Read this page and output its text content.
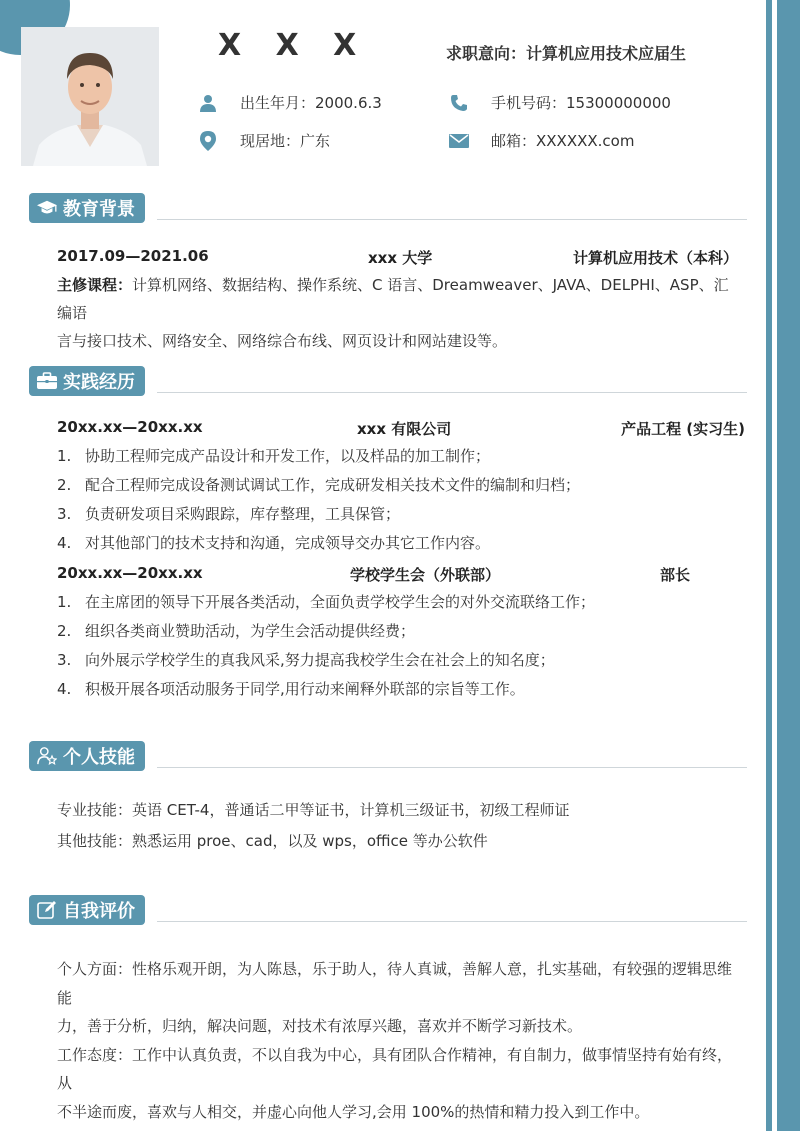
X X X	求职意向：计算机应用技术应届生
出生年月：2000.6.3	手机号码：15300000000
现居地：广东	邮箱：XXXXXX.com
教育背景
2017.09—2021.06	xxx 大学	计算机应用技术（本科）

主修课程：计算机网络、数据结构、操作系统、C 语言、Dreamweaver、JAVA、DELPHI、ASP、汇编语
言与接口技术、网络安全、网络综合布线、网页设计和网站建设等。

实践经历
20xx.xx—20xx.xx	xxx 有限公司	产品工程 (实习生)
1. 协助工程师完成产品设计和开发工作，以及样品的加工制作；
2. 配合工程师完成设备测试调试工作，完成研发相关技术文件的编制和归档；
3. 负责研发项目采购跟踪，库存整理，工具保管；
4. 对其他部门的技术支持和沟通，完成领导交办其它工作内容。
20xx.xx—20xx.xx	学校学生会（外联部）	部长
1. 在主席团的领导下开展各类活动，全面负责学校学生会的对外交流联络工作；
2. 组织各类商业赞助活动，为学生会活动提供经费；
3. 向外展示学校学生的真我风采,努力提高我校学生会在社会上的知名度；
4. 积极开展各项活动服务于同学,用行动来阐释外联部的宗旨等工作。
个人技能

专业技能：英语 CET-4，普通话二甲等证书，计算机三级证书，初级工程师证
其他技能：熟悉运用 proe、cad，以及 wps，office 等办公软件

自我评价

个人方面：性格乐观开朗，为人陈恳，乐于助人，待人真诚，善解人意，扎实基础，有较强的逻辑思维能
力，善于分析，归纳，解决问题，对技术有浓厚兴趣，喜欢并不断学习新技术。
工作态度：工作中认真负责，不以自我为中心，具有团队合作精神，有自制力，做事情坚持有始有终，从
不半途而废，喜欢与人相交，并虚心向他人学习,会用 100%的热情和精力投入到工作中。
